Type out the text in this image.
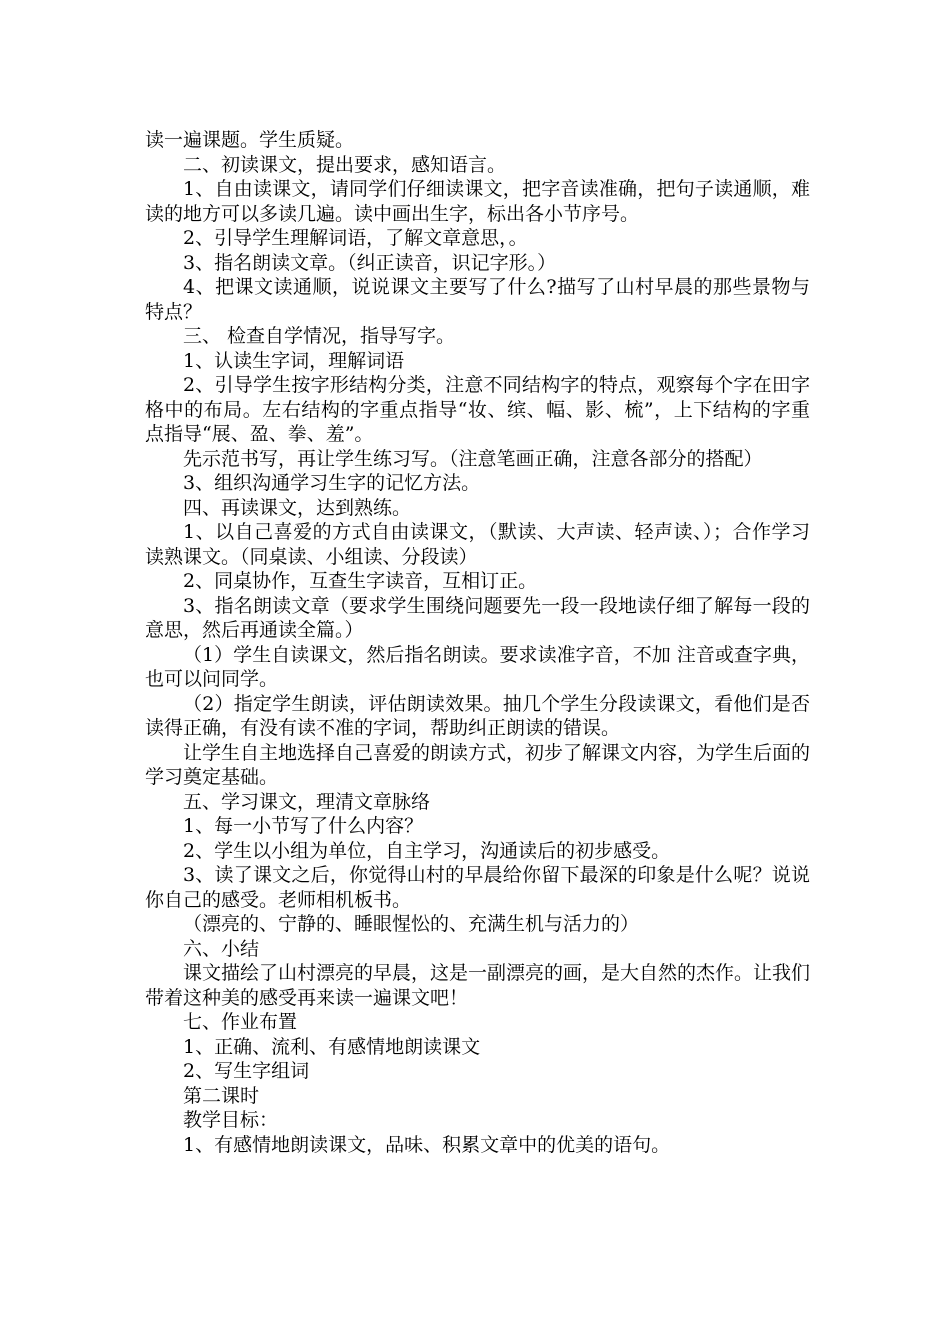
读一遍课题。学生质疑。

二、初读课文，提出要求，感知语言。

1、自由读课文，请同学们仔细读课文，把字音读准确，把句子读通顺，难读的地方可以多读几遍。读中画出生字，标出各小节序号。

2、引导学生理解词语，了解文章意思，。

3、指名朗读文章。（纠正读音，识记字形。）

4、把课文读通顺，说说课文主要写了什么?描写了山村早晨的那些景物与特点？

三、 检查自学情况，指导写字。

1、认读生字词，理解词语

2、引导学生按字形结构分类，注意不同结构字的特点，观察每个字在田字格中的布局。左右结构的字重点指导“妆、缤、幅、影、梳”，上下结构的字重点指导“展、盈、拳、羞”。

先示范书写，再让学生练习写。（注意笔画正确，注意各部分的搭配）

3、组织沟通学习生字的记忆方法。

四、再读课文，达到熟练。

1、以自己喜爱的方式自由读课文，（默读、大声读、轻声读、）；合作学习读熟课文。（同桌读、小组读、分段读）

2、同桌协作，互查生字读音，互相订正。

3、指名朗读文章（要求学生围绕问题要先一段一段地读仔细了解每一段的意思，然后再通读全篇。）

（1）学生自读课文，然后指名朗读。要求读准字音，不加 注音或查字典，也可以问同学。

（2）指定学生朗读，评估朗读效果。抽几个学生分段读课文，看他们是否读得正确，有没有读不准的字词，帮助纠正朗读的错误。

让学生自主地选择自己喜爱的朗读方式，初步了解课文内容，为学生后面的学习奠定基础。

五、学习课文，理清文章脉络

1、每一小节写了什么内容？

2、学生以小组为单位，自主学习，沟通读后的初步感受。

3、读了课文之后，你觉得山村的早晨给你留下最深的印象是什么呢？说说你自己的感受。老师相机板书。

（漂亮的、宁静的、睡眼惺忪的、充满生机与活力的）

六、小结

课文描绘了山村漂亮的早晨，这是一副漂亮的画，是大自然的杰作。让我们带着这种美的感受再来读一遍课文吧！

七、作业布置

1、正确、流利、有感情地朗读课文

2、写生字组词

第二课时

教学目标：

1、有感情地朗读课文，品味、积累文章中的优美的语句。
